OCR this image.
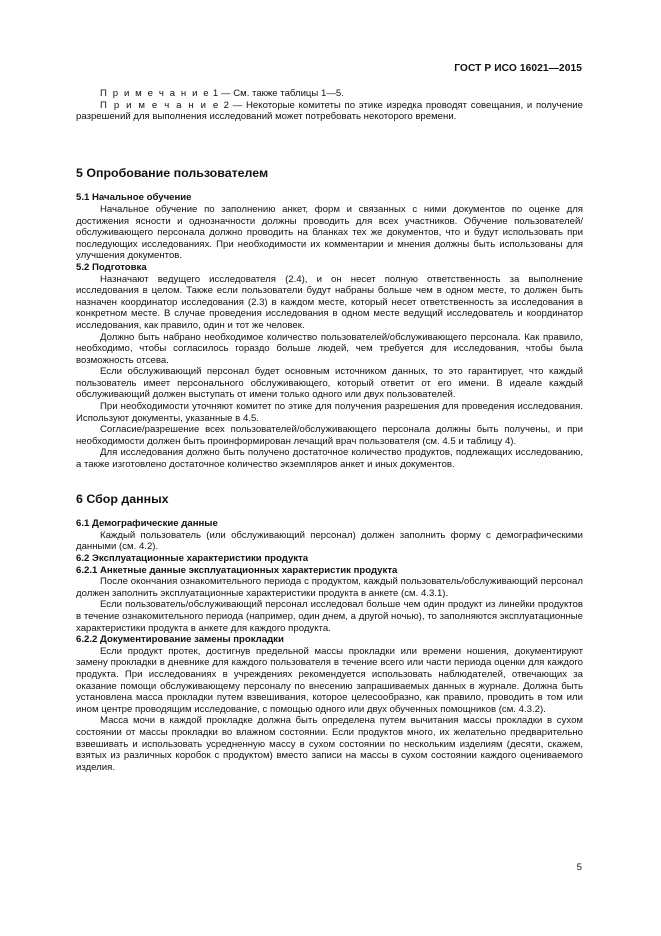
ГОСТ Р ИСО 16021—2015

П р и м е ч а н и е 1 — См. также таблицы 1—5.

П р и м е ч а н и е 2 — Некоторые комитеты по этике изредка проводят совещания, и получение разрешений для выполнения исследований может потребовать некоторого времени.

5 Опробование пользователем
5.1 Начальное обучение

Начальное обучение по заполнению анкет, форм и связанных с ними документов по оценке для достижения ясности и однозначности должны проводить для всех участников. Обучение пользователей/обслуживающего персонала должно проводить на бланках тех же документов, что и будут использовать при последующих исследованиях. При необходимости их комментарии и мнения должны быть использованы для улучшения документов.

5.2 Подготовка

Назначают ведущего исследователя (2.4), и он несет полную ответственность за выполнение исследования в целом. Также если пользователи будут набраны больше чем в одном месте, то должен быть назначен координатор исследования (2.3) в каждом месте, который несет ответственность за исследования в конкретном месте. В случае проведения исследования в одном месте ведущий исследователь и координатор исследования, как правило, один и тот же человек.

Должно быть набрано необходимое количество пользователей/обслуживающего персонала. Как правило, необходимо, чтобы согласилось гораздо больше людей, чем требуется для исследования, чтобы была возможность отсева.

Если обслуживающий персонал будет основным источником данных, то это гарантирует, что каждый пользователь имеет персонального обслуживающего, который ответит от его имени. В идеале каждый обслуживающий должен выступать от имени только одного или двух пользователей.

При необходимости уточняют комитет по этике для получения разрешения для проведения исследования. Используют документы, указанные в 4.5.

Согласие/разрешение всех пользователей/обслуживающего персонала должны быть получены, и при необходимости должен быть проинформирован лечащий врач пользователя (см. 4.5 и таблицу 4).

Для исследования должно быть получено достаточное количество продуктов, подлежащих исследованию, а также изготовлено достаточное количество экземпляров анкет и иных документов.

6 Сбор данных
6.1 Демографические данные

Каждый пользователь (или обслуживающий персонал) должен заполнить форму с демографическими данными (см. 4.2).

6.2 Эксплуатационные характеристики продукта
6.2.1 Анкетные данные эксплуатационных характеристик продукта

После окончания ознакомительного периода с продуктом, каждый пользователь/обслуживающий персонал должен заполнить эксплуатационные характеристики продукта в анкете (см. 4.3.1).

Если пользователь/обслуживающий персонал исследовал больше чем один продукт из линейки продуктов в течение ознакомительного периода (например, один днем, а другой ночью), то заполняются эксплуатационные характеристики продукта в анкете для каждого продукта.

6.2.2 Документирование замены прокладки

Если продукт протек, достигнув предельной массы прокладки или времени ношения, документируют замену прокладки в дневнике для каждого пользователя в течение всего или части периода оценки для каждого продукта. При исследованиях в учреждениях рекомендуется использовать наблюдателей, отвечающих за оказание помощи обслуживающему персоналу по внесению запрашиваемых данных в журнале. Должна быть установлена масса прокладки путем взвешивания, которое целесообразно, как правило, проводить в том или ином центре проводящим исследование, с помощью одного или двух обученных помощников (см. 4.3.2).

Масса мочи в каждой прокладке должна быть определена путем вычитания массы прокладки в сухом состоянии от массы прокладки во влажном состоянии. Если продуктов много, их желательно предварительно взвешивать и использовать усредненную массу в сухом состоянии по нескольким изделиям (десяти, скажем, взятых из различных коробок с продуктом) вместо записи на массы в сухом состоянии каждого оцениваемого изделия.

5
